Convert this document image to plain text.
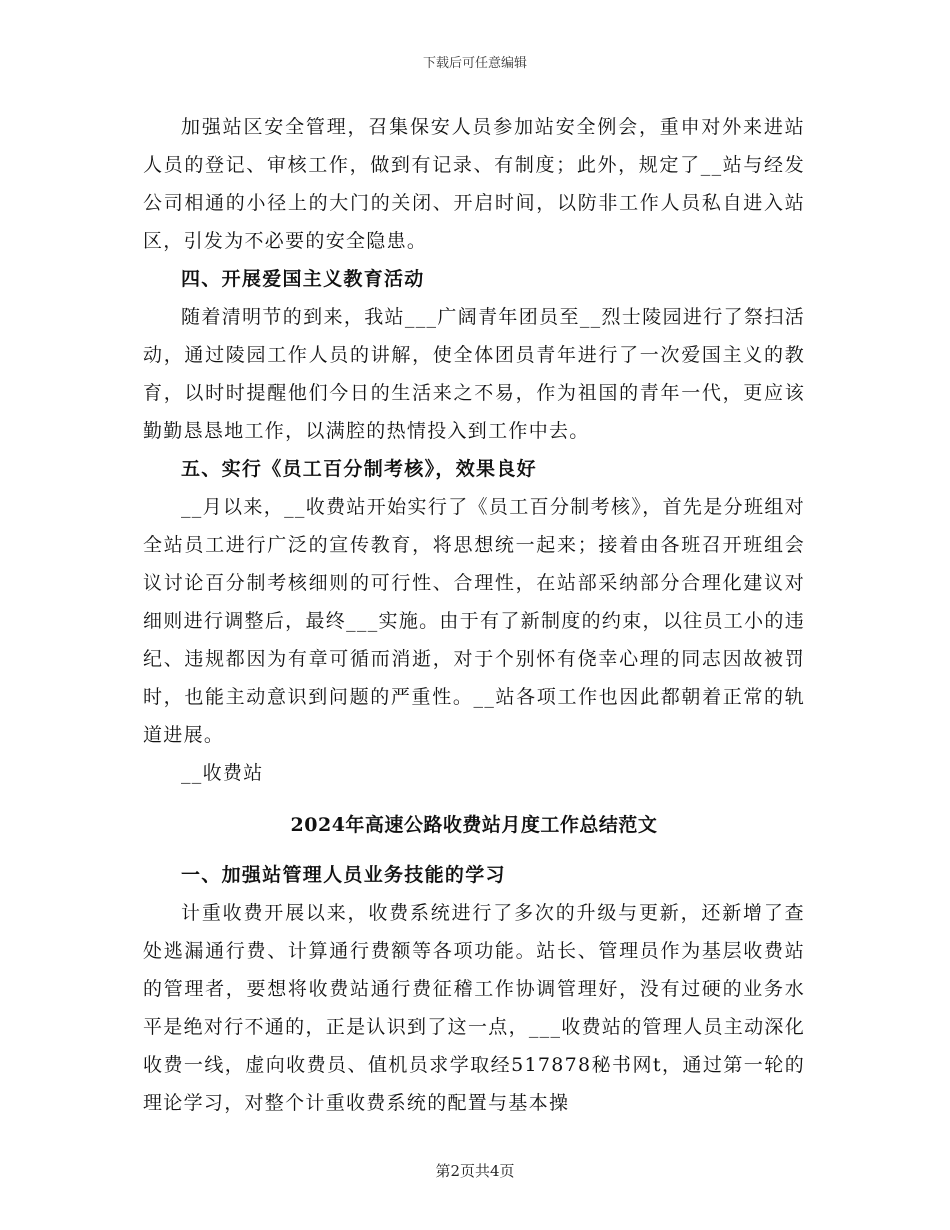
下载后可任意编辑

加强站区安全管理，召集保安人员参加站安全例会，重申对外来进站人员的登记、审核工作，做到有记录、有制度；此外，规定了__站与经发公司相通的小径上的大门的关闭、开启时间，以防非工作人员私自进入站区，引发为不必要的安全隐患。

四、开展爱国主义教育活动

随着清明节的到来，我站___广阔青年团员至__烈士陵园进行了祭扫活动，通过陵园工作人员的讲解，使全体团员青年进行了一次爱国主义的教育，以时时提醒他们今日的生活来之不易，作为祖国的青年一代，更应该勤勤恳恳地工作，以满腔的热情投入到工作中去。

五、实行《员工百分制考核》，效果良好

__月以来，__收费站开始实行了《员工百分制考核》，首先是分班组对全站员工进行广泛的宣传教育，将思想统一起来；接着由各班召开班组会议讨论百分制考核细则的可行性、合理性，在站部采纳部分合理化建议对细则进行调整后，最终___实施。由于有了新制度的约束，以往员工小的违纪、违规都因为有章可循而消逝，对于个别怀有侥幸心理的同志因故被罚时，也能主动意识到问题的严重性。__站各项工作也因此都朝着正常的轨道进展。

__收费站

2024年高速公路收费站月度工作总结范文

一、加强站管理人员业务技能的学习

计重收费开展以来，收费系统进行了多次的升级与更新，还新增了查处逃漏通行费、计算通行费额等各项功能。站长、管理员作为基层收费站的管理者，要想将收费站通行费征稽工作协调管理好，没有过硬的业务水平是绝对行不通的，正是认识到了这一点，___收费站的管理人员主动深化收费一线，虚向收费员、值机员求学取经517878秘书网t，通过第一轮的理论学习，对整个计重收费系统的配置与基本操

第2页共4页
